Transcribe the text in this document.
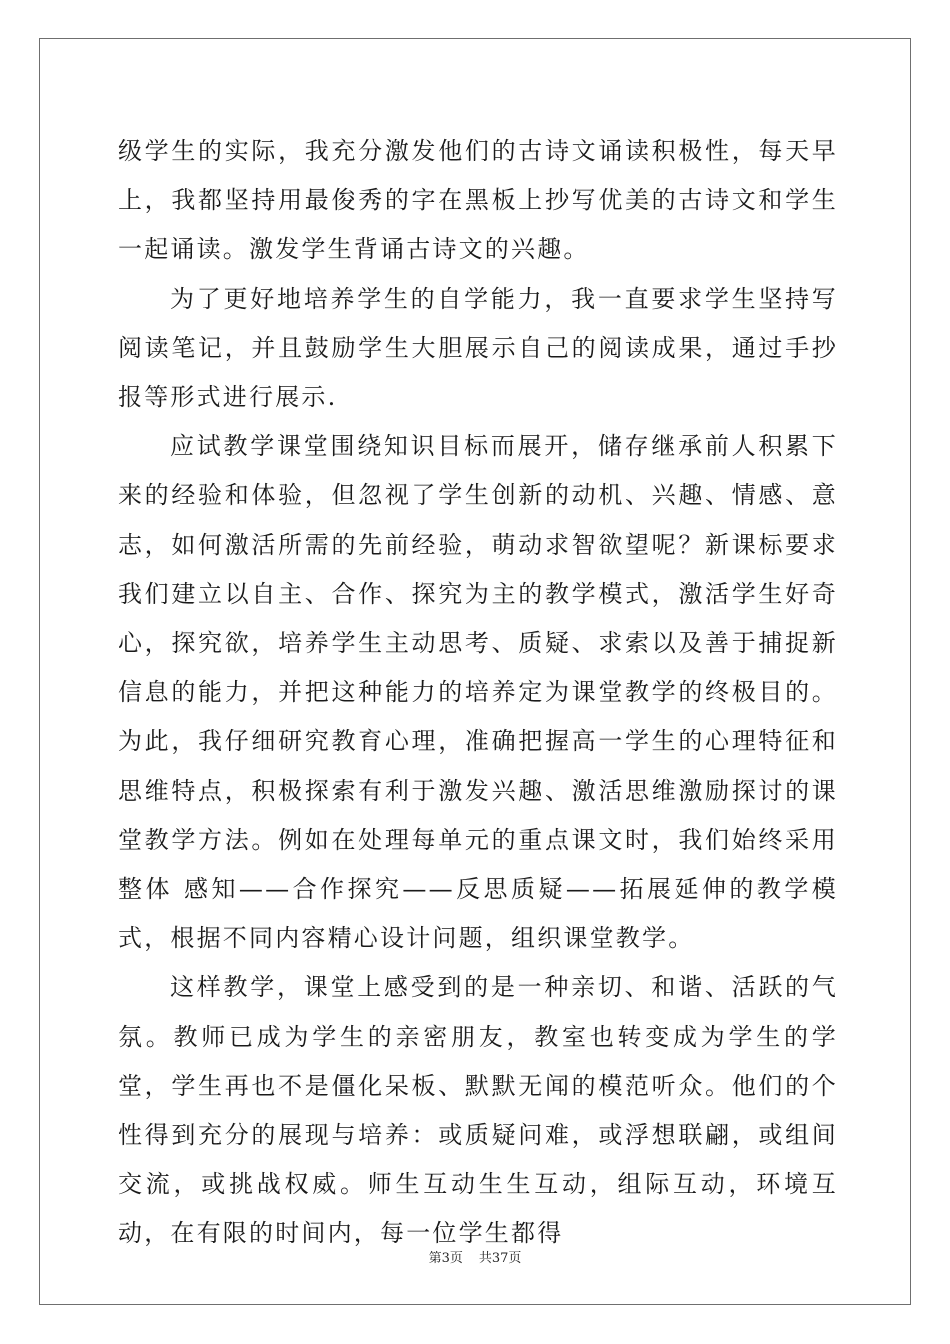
级学生的实际，我充分激发他们的古诗文诵读积极性，每天早上，我都坚持用最俊秀的字在黑板上抄写优美的古诗文和学生一起诵读。激发学生背诵古诗文的兴趣。

为了更好地培养学生的自学能力，我一直要求学生坚持写阅读笔记，并且鼓励学生大胆展示自己的阅读成果，通过手抄报等形式进行展示.

应试教学课堂围绕知识目标而展开，储存继承前人积累下来的经验和体验，但忽视了学生创新的动机、兴趣、情感、意志，如何激活所需的先前经验，萌动求智欲望呢？新课标要求我们建立以自主、合作、探究为主的教学模式，激活学生好奇心，探究欲，培养学生主动思考、质疑、求索以及善于捕捉新信息的能力，并把这种能力的培养定为课堂教学的终极目的。为此，我仔细研究教育心理，准确把握高一学生的心理特征和思维特点，积极探索有利于激发兴趣、激活思维激励探讨的课堂教学方法。例如在处理每单元的重点课文时，我们始终采用整体 感知——合作探究——反思质疑——拓展延伸的教学模式，根据不同内容精心设计问题，组织课堂教学。

这样教学，课堂上感受到的是一种亲切、和谐、活跃的气氛。教师已成为学生的亲密朋友，教室也转变成为学生的学堂，学生再也不是僵化呆板、默默无闻的模范听众。他们的个性得到充分的展现与培养：或质疑问难，或浮想联翩，或组间交流，或挑战权威。师生互动生生互动，组际互动，环境互动，在有限的时间内，每一位学生都得

第3页 共37页
